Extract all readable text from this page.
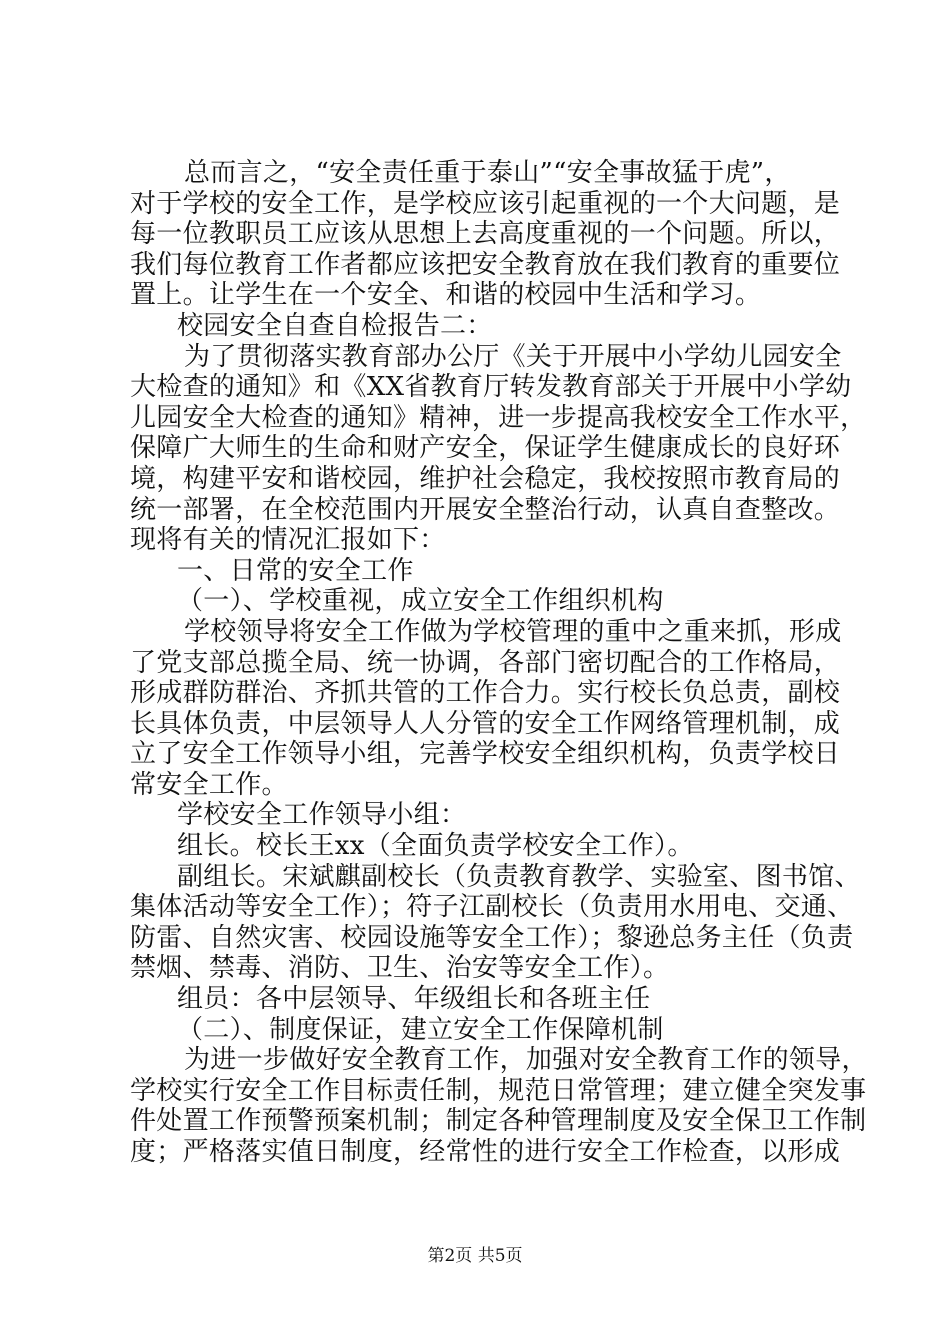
总而言之，“安全责任重于泰山”“安全事故猛于虎”，
对于学校的安全工作，是学校应该引起重视的一个大问题，是
每一位教职员工应该从思想上去高度重视的一个问题。所以，
我们每位教育工作者都应该把安全教育放在我们教育的重要位
置上。让学生在一个安全、和谐的校园中生活和学习。
校园安全自查自检报告二：
为了贯彻落实教育部办公厅《关于开展中小学幼儿园安全
大检查的通知》和《XX省教育厅转发教育部关于开展中小学幼
儿园安全大检查的通知》精神，进一步提高我校安全工作水平，
保障广大师生的生命和财产安全，保证学生健康成长的良好环
境，构建平安和谐校园，维护社会稳定，我校按照市教育局的
统一部署，在全校范围内开展安全整治行动，认真自查整改。
现将有关的情况汇报如下：
一、日常的安全工作
（一）、学校重视，成立安全工作组织机构
学校领导将安全工作做为学校管理的重中之重来抓，形成
了党支部总揽全局、统一协调，各部门密切配合的工作格局，
形成群防群治、齐抓共管的工作合力。实行校长负总责，副校
长具体负责，中层领导人人分管的安全工作网络管理机制，成
立了安全工作领导小组，完善学校安全组织机构，负责学校日
常安全工作。
学校安全工作领导小组：
组长。校长王xx（全面负责学校安全工作）。
副组长。宋斌麒副校长（负责教育教学、实验室、图书馆、
集体活动等安全工作）；符子江副校长（负责用水用电、交通、
防雷、自然灾害、校园设施等安全工作）；黎逊总务主任（负责
禁烟、禁毒、消防、卫生、治安等安全工作）。
组员：各中层领导、年级组长和各班主任
（二）、制度保证，建立安全工作保障机制
为进一步做好安全教育工作，加强对安全教育工作的领导，
学校实行安全工作目标责任制，规范日常管理；建立健全突发事
件处置工作预警预案机制；制定各种管理制度及安全保卫工作制
度；严格落实值日制度，经常性的进行安全工作检查，以形成
第2页 共5页
